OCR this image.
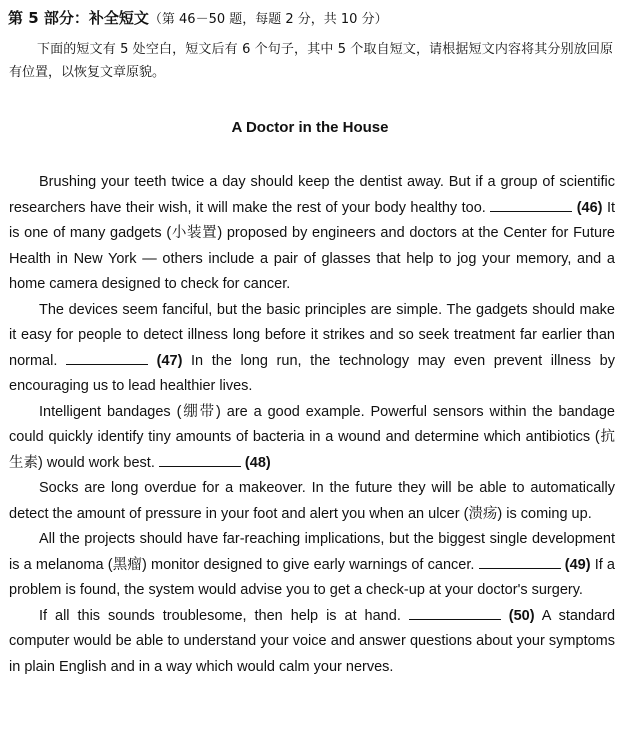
第 5 部分：补全短文（第 46－50 题，每题 2 分，共 10 分）
下面的短文有 5 处空白，短文后有 6 个句子，其中 5 个取自短文，请根据短文内容将其分别放回原有位置，以恢复文章原貌。
A Doctor in the House

Brushing your teeth twice a day should keep the dentist away. But if a group of scientific researchers have their wish, it will make the rest of your body healthy too.	(46) It is one of many gadgets (小装置) proposed by engineers and doctors at the Center for Future Health in New York — others include a pair of glasses that help to jog your memory, and a home camera designed to check for cancer.

The devices seem fanciful, but the basic principles are simple. The gadgets should make it easy for people to detect illness long before it strikes and so seek treatment far earlier than normal.	(47) In the long run, the technology may even prevent illness by encouraging us to lead healthier lives.

Intelligent bandages (绷带) are a good example. Powerful sensors within the bandage could quickly identify tiny amounts of bacteria in a wound and determine which antibiotics (抗生素) would work best.	(48)

Socks are long overdue for a makeover. In the future they will be able to automatically detect the amount of pressure in your foot and alert you when an ulcer (溃疡) is coming up.

All the projects should have far-reaching implications, but the biggest single development is a melanoma (黑瘤) monitor designed to give early warnings of cancer.	(49) If a problem is found, the system would advise you to get a check-up at your doctor's surgery.

If all this sounds troublesome, then help is at hand.	(50) A standard computer would be able to understand your voice and answer questions about your symptoms in plain English and in a way which would calm your nerves.
